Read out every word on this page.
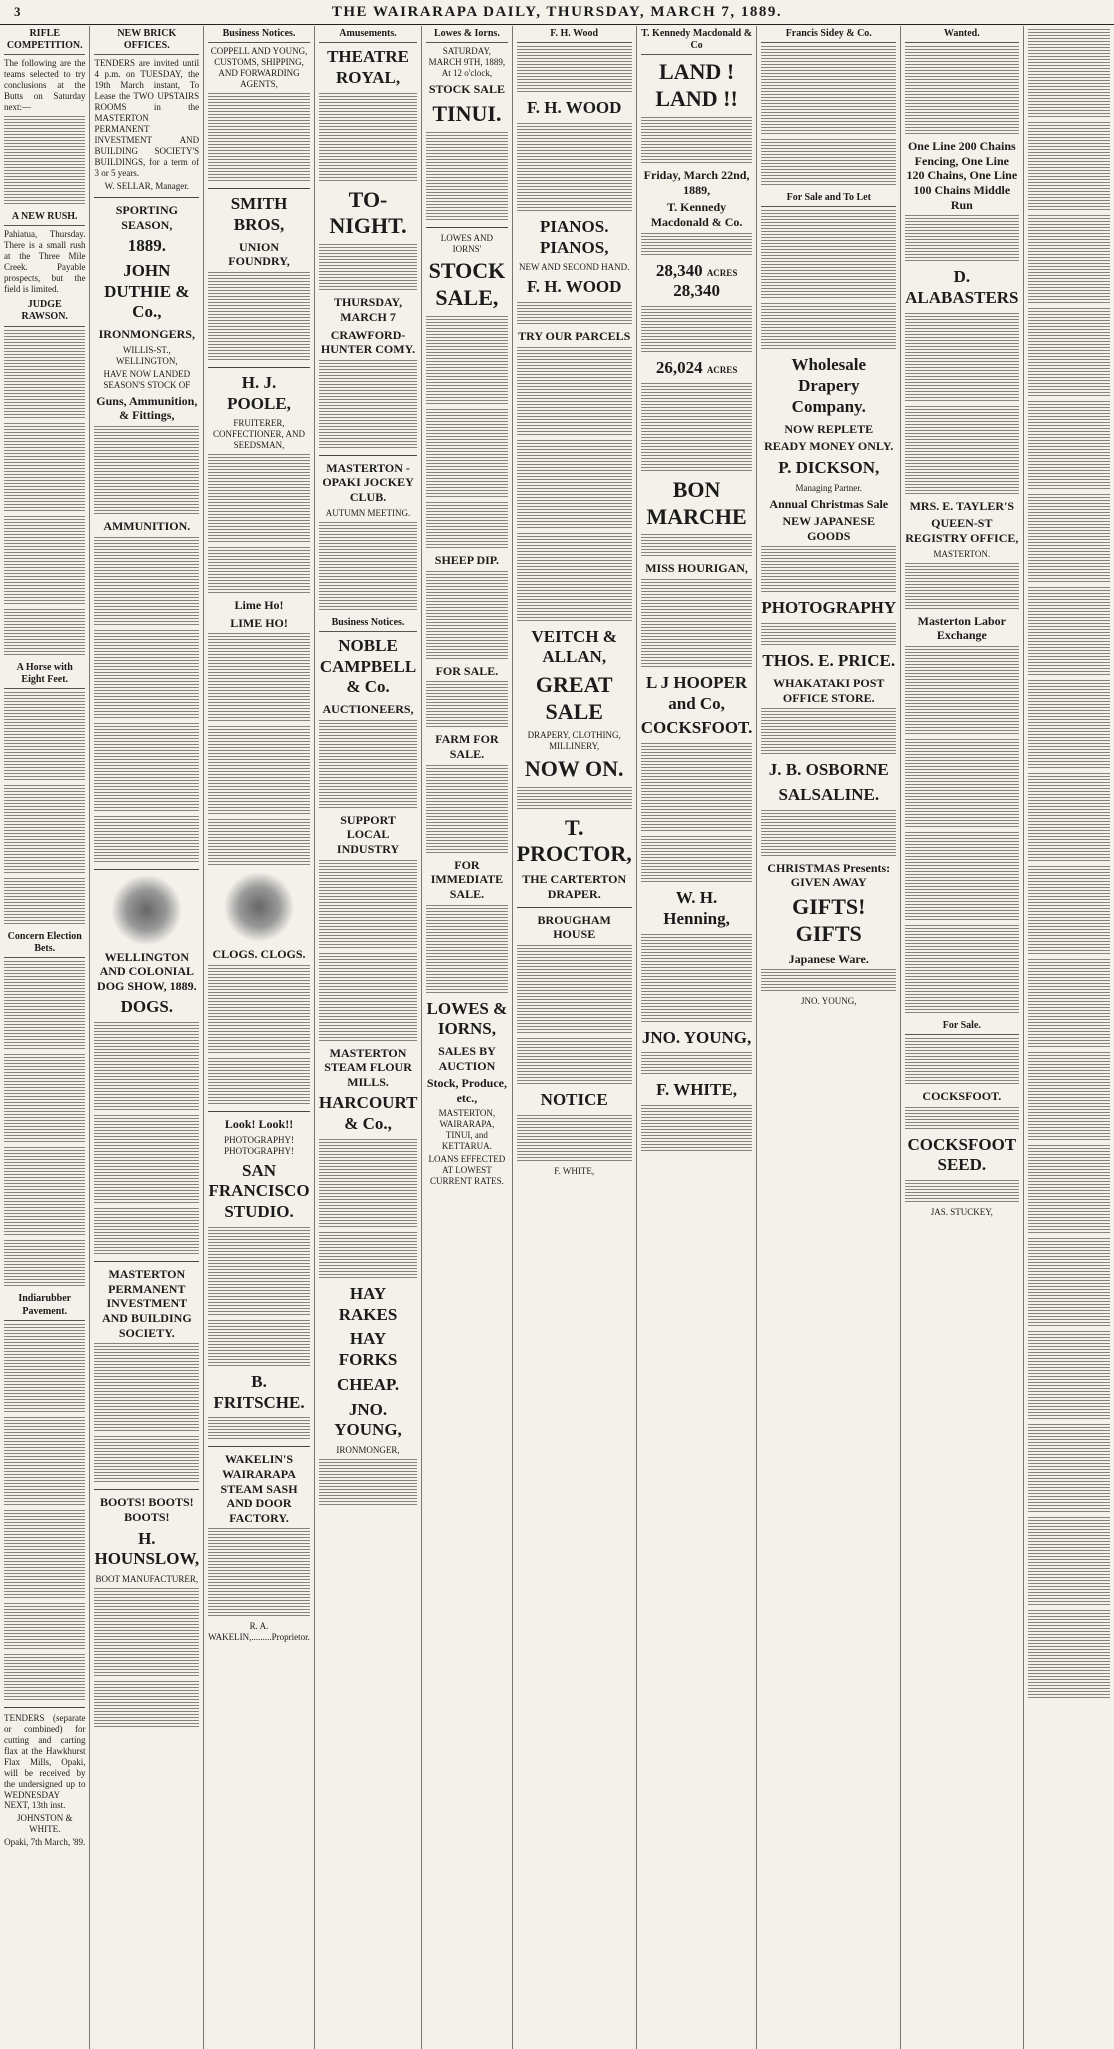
3	THE WAIRARAPA DAILY, THURSDAY, MARCH 7, 1889.
RIFLE COMPETITION.
The following are the teams selected to try conclusions at the Butts on Saturday next:—
A NEW RUSH.
Pahiatua, Thursday. There is a small rush at the Three Mile Creek. Payable prospects, but the field is limited.
JUDGE RAWSON.
A Horse with Eight Feet.
Concern Election Bets.
Indiarubber Pavement.
TENDERS (separate or combined) for cutting and carting flax at the Hawkhurst Flax Mills, Opaki, will be received by the undersigned up to WEDNESDAY NEXT, 13th inst.
JOHNSTON & WHITE.
Opaki, 7th March, '89.
NEW BRICK OFFICES.
TENDERS are invited until 4 p.m. on TUESDAY, the 19th March instant, To Lease the TWO UPSTAIRS ROOMS in the MASTERTON PERMANENT INVESTMENT AND BUILDING SOCIETY'S BUILDINGS, for a term of 3 or 5 years.
W. SELLAR, Manager.
SPORTING SEASON,
1889.
JOHN DUTHIE & Co.,
IRONMONGERS,
WILLIS-ST., WELLINGTON,
HAVE NOW LANDED SEASON'S STOCK OF
Guns, Ammunition, & Fittings,
AMMUNITION.
WELLINGTON AND COLONIAL DOG SHOW, 1889.
DOGS.
MASTERTON PERMANENT INVESTMENT AND BUILDING SOCIETY.
BOOTS! BOOTS! BOOTS!
H. HOUNSLOW,
BOOT MANUFACTURER,
Business Notices.
COPPELL AND YOUNG, CUSTOMS, SHIPPING, AND FORWARDING AGENTS,
SMITH BROS,
UNION FOUNDRY,
H. J. POOLE,
FRUITERER, CONFECTIONER, AND SEEDSMAN,
Lime Ho!
LIME HO!
CLOGS. CLOGS.
Look! Look!!
PHOTOGRAPHY! PHOTOGRAPHY!
SAN FRANCISCO STUDIO.
B. FRITSCHE.
WAKELIN'S WAIRARAPA STEAM SASH AND DOOR FACTORY.
R. A. WAKELIN,.........Proprietor.
Amusements.
THEATRE ROYAL,
TO-NIGHT.
THURSDAY, MARCH 7
CRAWFORD-HUNTER COMY.
MASTERTON - OPAKI JOCKEY CLUB.
AUTUMN MEETING.
Business Notices.
NOBLE CAMPBELL & Co.
AUCTIONEERS,
SUPPORT LOCAL INDUSTRY
MASTERTON STEAM FLOUR MILLS.
HARCOURT & Co.,
HAY RAKES
HAY FORKS
CHEAP.
JNO. YOUNG,
IRONMONGER,
Lowes & Iorns.
SATURDAY, MARCH 9TH, 1889, At 12 o'clock,
STOCK SALE
TINUI.
LOWES AND IORNS'
STOCK SALE,
SHEEP DIP.
FOR SALE.
FARM FOR SALE.
FOR IMMEDIATE SALE.
LOWES & IORNS,
SALES BY AUCTION
Stock, Produce, etc.,
MASTERTON, WAIRARAPA, TINUI, and KETTARUA.
LOANS EFFECTED AT LOWEST CURRENT RATES.
F. H. Wood
F. H. WOOD
PIANOS. PIANOS,
NEW AND SECOND HAND.
F. H. WOOD
TRY OUR PARCELS
VEITCH & ALLAN,
GREAT SALE
DRAPERY, CLOTHING, MILLINERY,
NOW ON.
T. PROCTOR,
THE CARTERTON DRAPER.
BROUGHAM HOUSE
NOTICE
F. WHITE,
T. Kennedy Macdonald & Co
LAND ! LAND !!
Friday, March 22nd, 1889,
T. Kennedy Macdonald & Co.
28,340 ACRES 28,340
26,024 ACRES
BON MARCHE
MISS HOURIGAN,
L J HOOPER and Co,
COCKSFOOT.
W. H. Henning,
JNO. YOUNG,
F. WHITE,
Francis Sidey & Co.
For Sale and To Let
Wholesale Drapery Company.
NOW REPLETE
READY MONEY ONLY.
P. DICKSON,
Managing Partner.
Annual Christmas Sale
NEW JAPANESE GOODS
PHOTOGRAPHY
THOS. E. PRICE.
WHAKATAKI POST OFFICE STORE.
J. B. OSBORNE
SALSALINE.
CHRISTMAS Presents: GIVEN AWAY
GIFTS! GIFTS
Japanese Ware.
JNO. YOUNG,
Wanted.
One Line 200 Chains Fencing, One Line 120 Chains, One Line 100 Chains Middle Run
D. ALABASTERS
MRS. E. TAYLER'S
QUEEN-ST REGISTRY OFFICE,
MASTERTON.
Masterton Labor Exchange
For Sale.
COCKSFOOT.
COCKSFOOT SEED.
JAS. STUCKEY,
